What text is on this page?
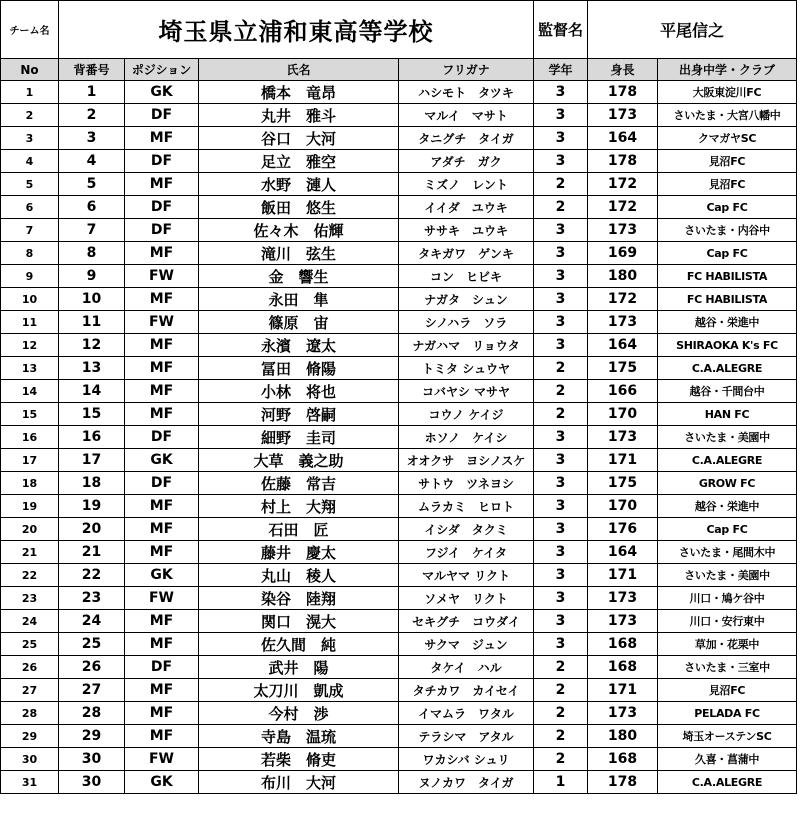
チーム名	埼玉県立浦和東高等学校				監督名	平尾信之	
No	背番号	ポジション	氏名	フリガナ	学年	身長	出身中学・クラブ
1	1	GK	橋本　竜昂	ハシモト　タツキ	3	178	大阪東淀川FC
2	2	DF	丸井　雅斗	マルイ　マサト	3	173	さいたま・大宮八幡中
3	3	MF	谷口　大河	タニグチ　タイガ	3	164	クマガヤSC
4	4	DF	足立　雅空	アダチ　ガク	3	178	見沼FC
5	5	MF	水野　漣人	ミズノ　レント	2	172	見沼FC
6	6	DF	飯田　悠生	イイダ　ユウキ	2	172	Cap FC
7	7	DF	佐々木　佑輝	ササキ　ユウキ	3	173	さいたま・内谷中
8	8	MF	滝川　弦生	タキガワ　ゲンキ	3	169	Cap FC
9	9	FW	金　響生	コン　ヒビキ	3	180	FC HABILISTA
10	10	MF	永田　隼	ナガタ　シュン	3	172	FC HABILISTA
11	11	FW	篠原　宙	シノハラ　ソラ	3	173	越谷・栄進中
12	12	MF	永濱　遼太	ナガハマ　リョウタ	3	164	SHIRAOKA K's FC
13	13	MF	冨田　脩陽	トミタ シュウヤ	2	175	C.A.ALEGRE
14	14	MF	小林　将也	コバヤシ マサヤ	2	166	越谷・千間台中
15	15	MF	河野　啓嗣	コウノ ケイジ	2	170	HAN FC
16	16	DF	細野　圭司	ホソノ　ケイシ	3	173	さいたま・美園中
17	17	GK	大草　義之助	オオクサ　ヨシノスケ	3	171	C.A.ALEGRE
18	18	DF	佐藤　常吉	サトウ　ツネヨシ	3	175	GROW FC
19	19	MF	村上　大翔	ムラカミ　ヒロト	3	170	越谷・栄進中
20	20	MF	石田　匠	イシダ　タクミ	3	176	Cap FC
21	21	MF	藤井　慶太	フジイ　ケイタ	3	164	さいたま・尾間木中
22	22	GK	丸山　稜人	マルヤマ リクト	3	171	さいたま・美園中
23	23	FW	染谷　陸翔	ソメヤ　リクト	3	173	川口・鳩ケ谷中
24	24	MF	関口　滉大	セキグチ　コウダイ	3	173	川口・安行東中
25	25	MF	佐久間　純	サクマ　ジュン	3	168	草加・花栗中
26	26	DF	武井　陽	タケイ　ハル	2	168	さいたま・三室中
27	27	MF	太刀川　凱成	タチカワ　カイセイ	2	171	見沼FC
28	28	MF	今村　渉	イマムラ　ワタル	2	173	PELADA FC
29	29	MF	寺島　温琉	テラシマ　アタル	2	180	埼玉オーステンSC
30	30	FW	若柴　脩吏	ワカシバ シュリ	2	168	久喜・菖蒲中
31	30	GK	布川　大河	ヌノカワ　タイガ	1	178	C.A.ALEGRE
